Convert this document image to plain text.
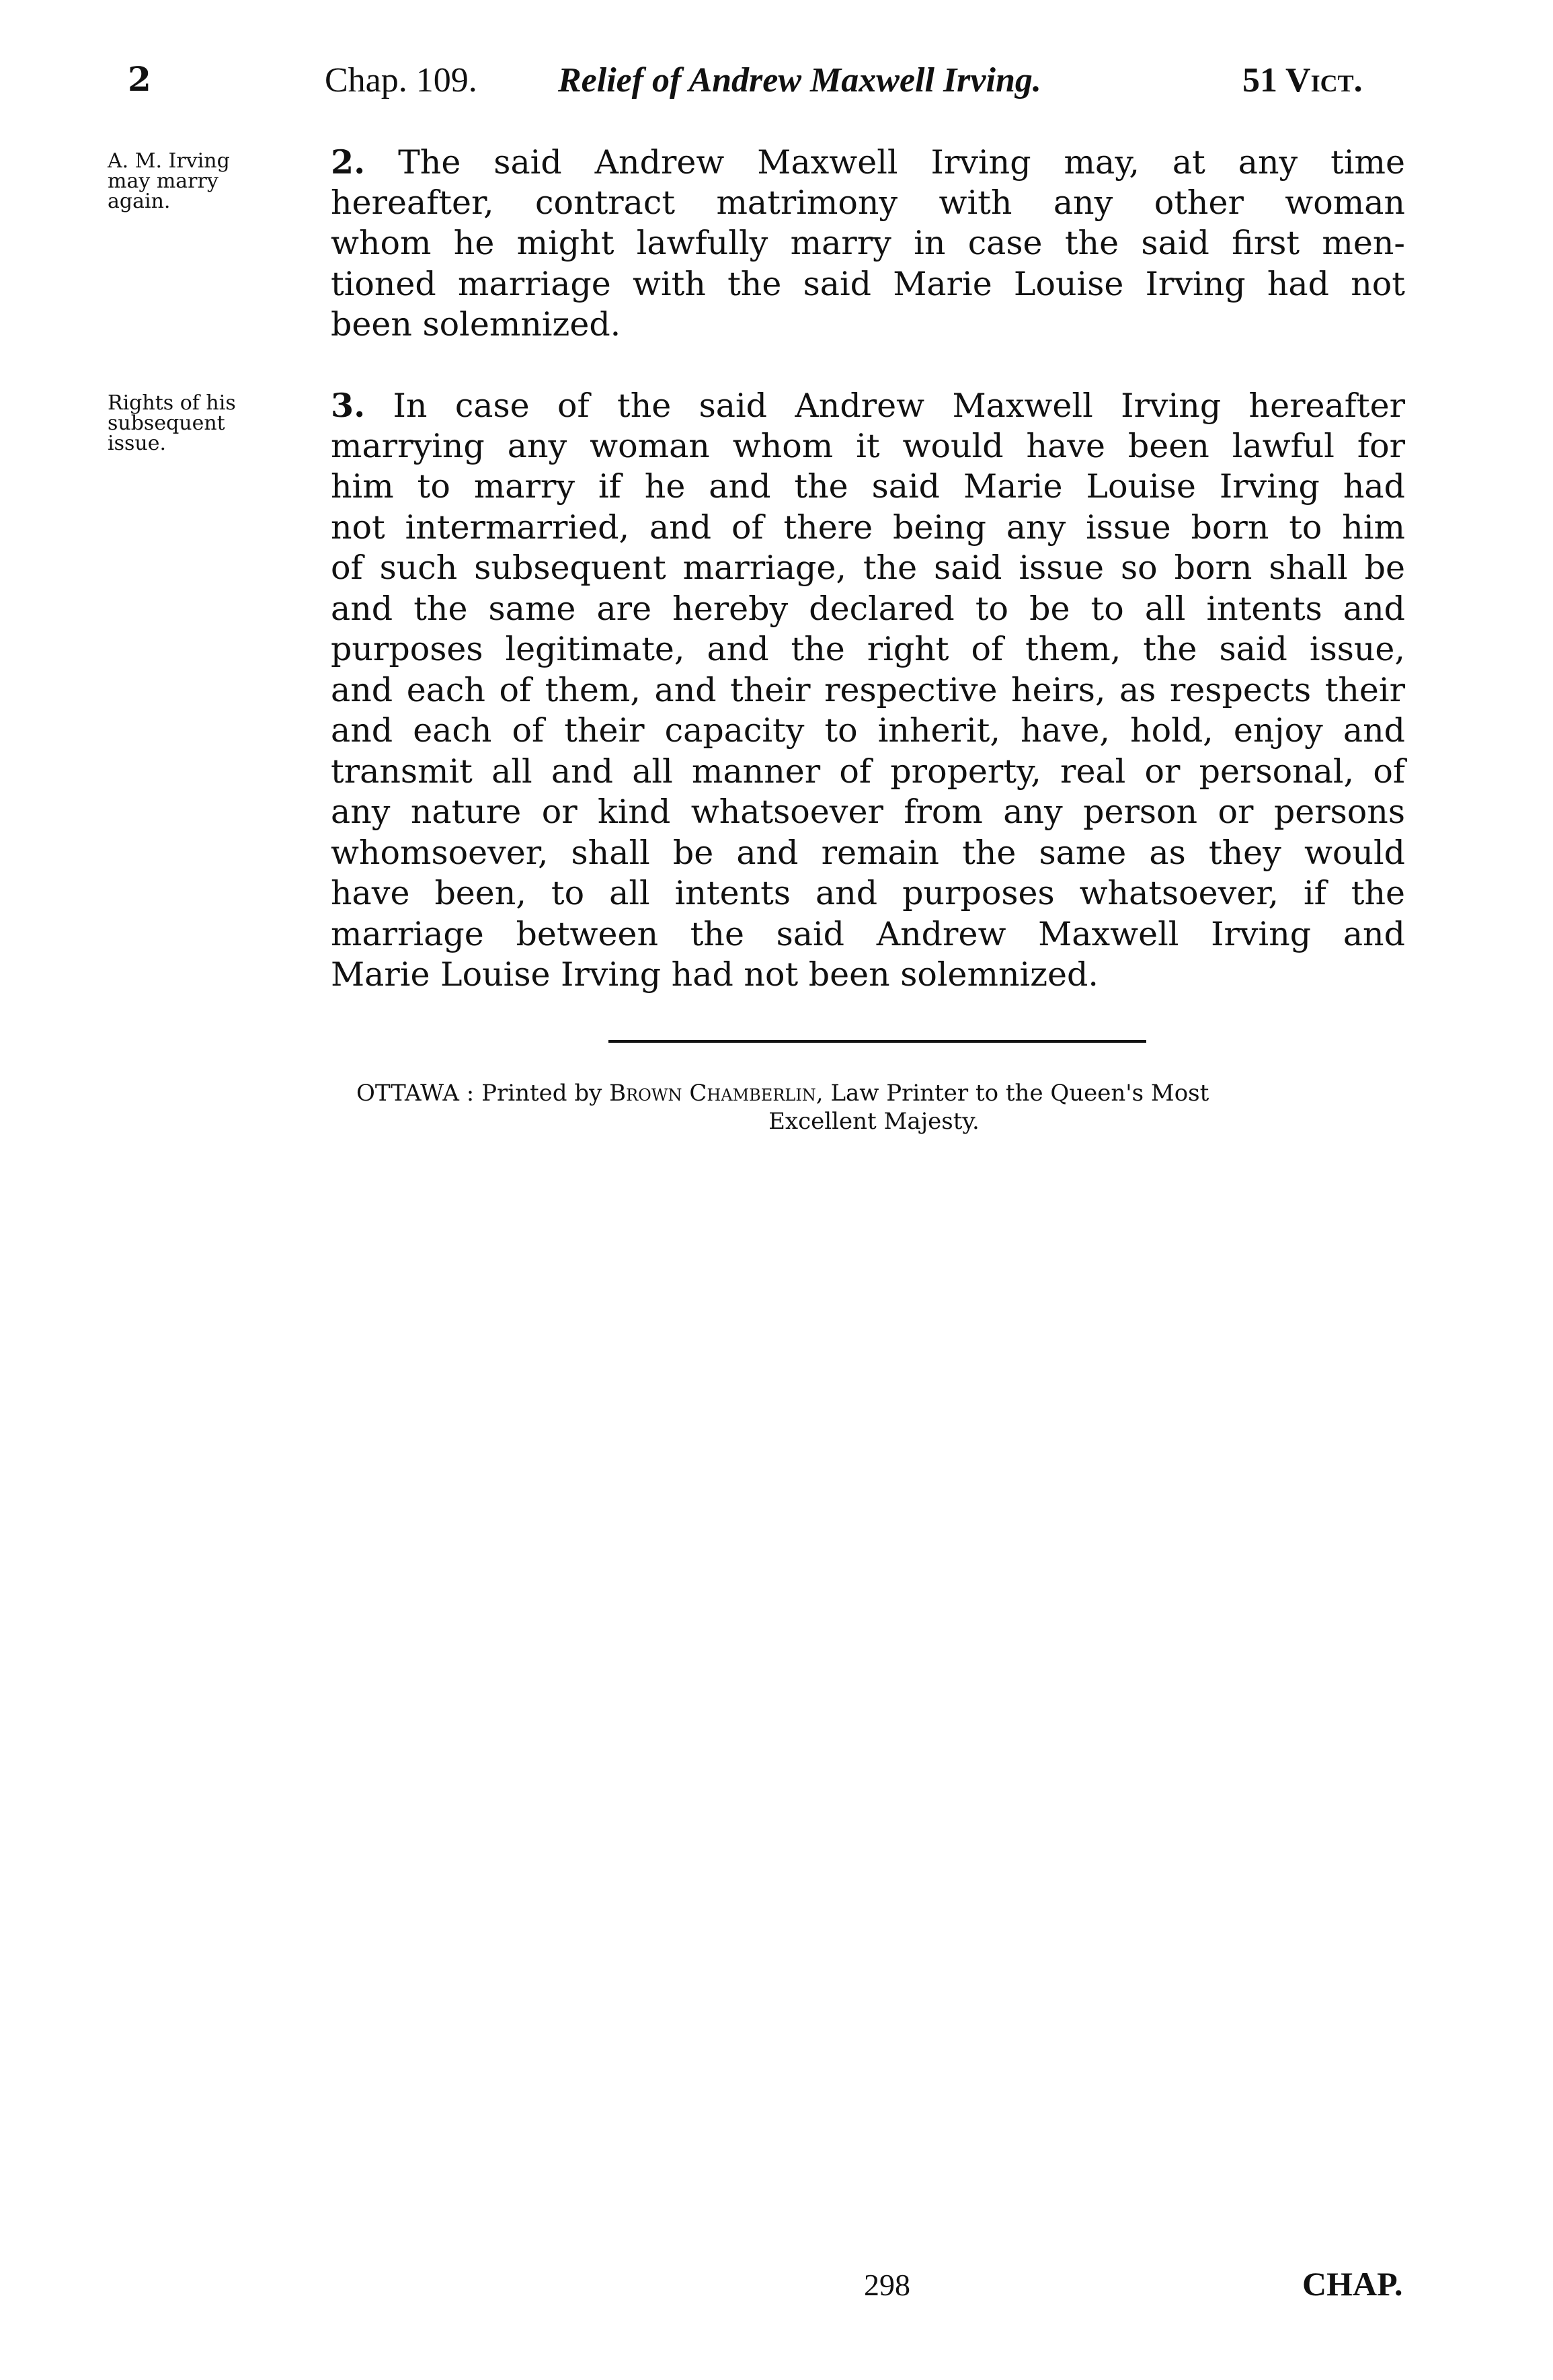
2	Chap. 109. Relief of Andrew Maxwell Irving.	51 Vict.
A. M. Irving
may marry
again.
2. The said Andrew Maxwell Irving may, at any time
hereafter, contract matrimony with any other woman
whom he might lawfully marry in case the said first men-
tioned marriage with the said Marie Louise Irving had not
been solemnized.
Rights of his
subsequent
issue.
3. In case of the said Andrew Maxwell Irving hereafter
marrying any woman whom it would have been lawful for
him to marry if he and the said Marie Louise Irving had
not intermarried, and of there being any issue born to him
of such subsequent marriage, the said issue so born shall be
and the same are hereby declared to be to all intents and
purposes legitimate, and the right of them, the said issue,
and each of them, and their respective heirs, as respects their
and each of their capacity to inherit, have, hold, enjoy and
transmit all and all manner of property, real or personal, of
any nature or kind whatsoever from any person or persons
whomsoever, shall be and remain the same as they would
have been, to all intents and purposes whatsoever, if the
marriage between the said Andrew Maxwell Irving and
Marie Louise Irving had not been solemnized.
OTTAWA : Printed by Brown Chamberlin, Law Printer to the Queen's Most
Excellent Majesty.
298	CHAP.
